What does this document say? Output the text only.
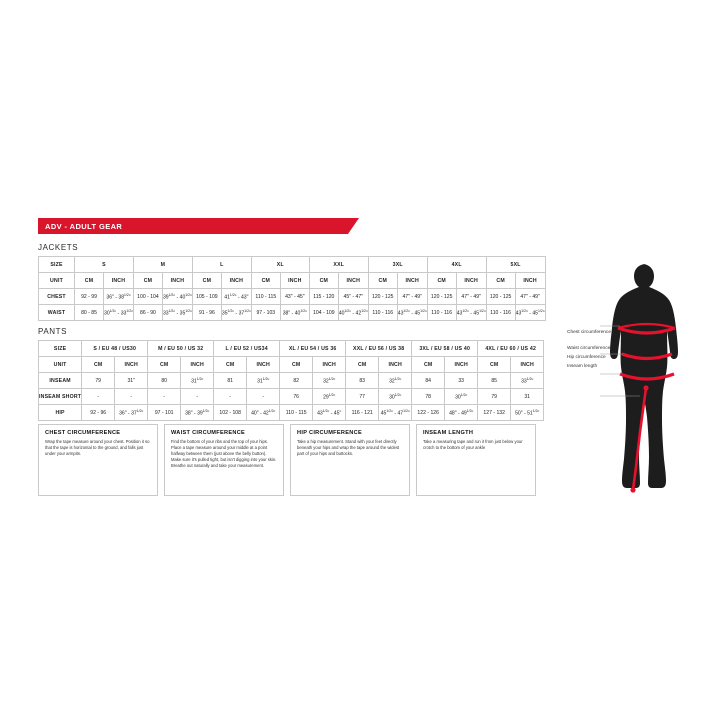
ADV - ADULT GEAR
JACKETS
PANTS
SIZE	S		M		L		XL		XXL		3XL		4XL		5XL	
UNIT	CM	INCH	CM	INCH	CM	INCH	CM	INCH	CM	INCH	CM	INCH	CM	INCH	CM	INCH
CHEST	92 - 99	36" - $38^{1/2}$"	100 - 104	$39^{1/2}$" - $40^{1/2}$"	105 - 109	$41^{1/2}$" - 43"	110 - 115	43" - 45"	115 - 120	45" - 47"	120 - 125	47" - 49"	120 - 125	47" - 49"	120 - 125	47" - 49"
WAIST	80 - 85	$30^{1/2}$" - $33^{1/2}$"	86 - 90	$33^{1/2}$" - $35^{1/2}$"	91 - 96	$35^{1/2}$" - $37^{1/2}$"	97 - 103	38" - $40^{1/2}$"	104 - 109	$40^{1/2}$" - $42^{1/2}$"	110 - 116	$43^{1/2}$" - $45^{1/2}$"	110 - 116	$43^{1/2}$" - $45^{1/2}$"	110 - 116	$43^{1/2}$" - $45^{1/2}$"
SIZE	S / EU 48 / US30		M / EU 50 / US 32		L / EU 52 / US34		XL / EU 54 / US 36		XXL / EU 56 / US 38		3XL / EU 58 / US 40		4XL / EU 60 / US 42	
UNIT	CM	INCH	CM	INCH	CM	INCH	CM	INCH	CM	INCH	CM	INCH	CM	INCH
INSEAM	79	31"	80	$31^{1/2}$"	81	$31^{1/2}$"	82	$32^{1/2}$"	83	$32^{1/2}$"	84	33	85	$33^{1/2}$"
INSEAM SHORT	-	-	-	-	-	-	76	$29^{1/2}$"	77	$30^{1/2}$"	78	$30^{1/2}$"	79	31
HIP	92 - 96	36" - $37^{1/2}$"	97 - 101	38" - $39^{1/2}$"	102 - 108	40" - $42^{1/2}$"	110 - 115	$43^{1/2}$" - 45"	116 - 121	$45^{1/2}$" - $47^{1/2}$"	122 - 126	48" - $49^{1/2}$"	127 - 132	50" - $51^{1/2}$"
CHEST CIRCUMFERENCE
Wrap the tape measure around your chest. Position it so that the tape is horizontal to the ground, and falls just under your armpits.
WAIST CIRCUMFERENCE
Find the bottom of your ribs and the top of your hips. Place a tape measure around your middle at a point halfway between them (just above the belly button). Make sure it's pulled tight, but isn't digging into your skin. Breathe out naturally and take your measurement.
HIP CIRCUMFERENCE
Take a hip measurement. Stand with your feet directly beneath your hips and wrap the tape around the widest part of your hips and buttocks.
INSEAM LENGTH
Take a measuring tape and run it from just below your crotch to the bottom of your ankle
Chest circumference
Waist circumference
Hip circumference
Inseam length
